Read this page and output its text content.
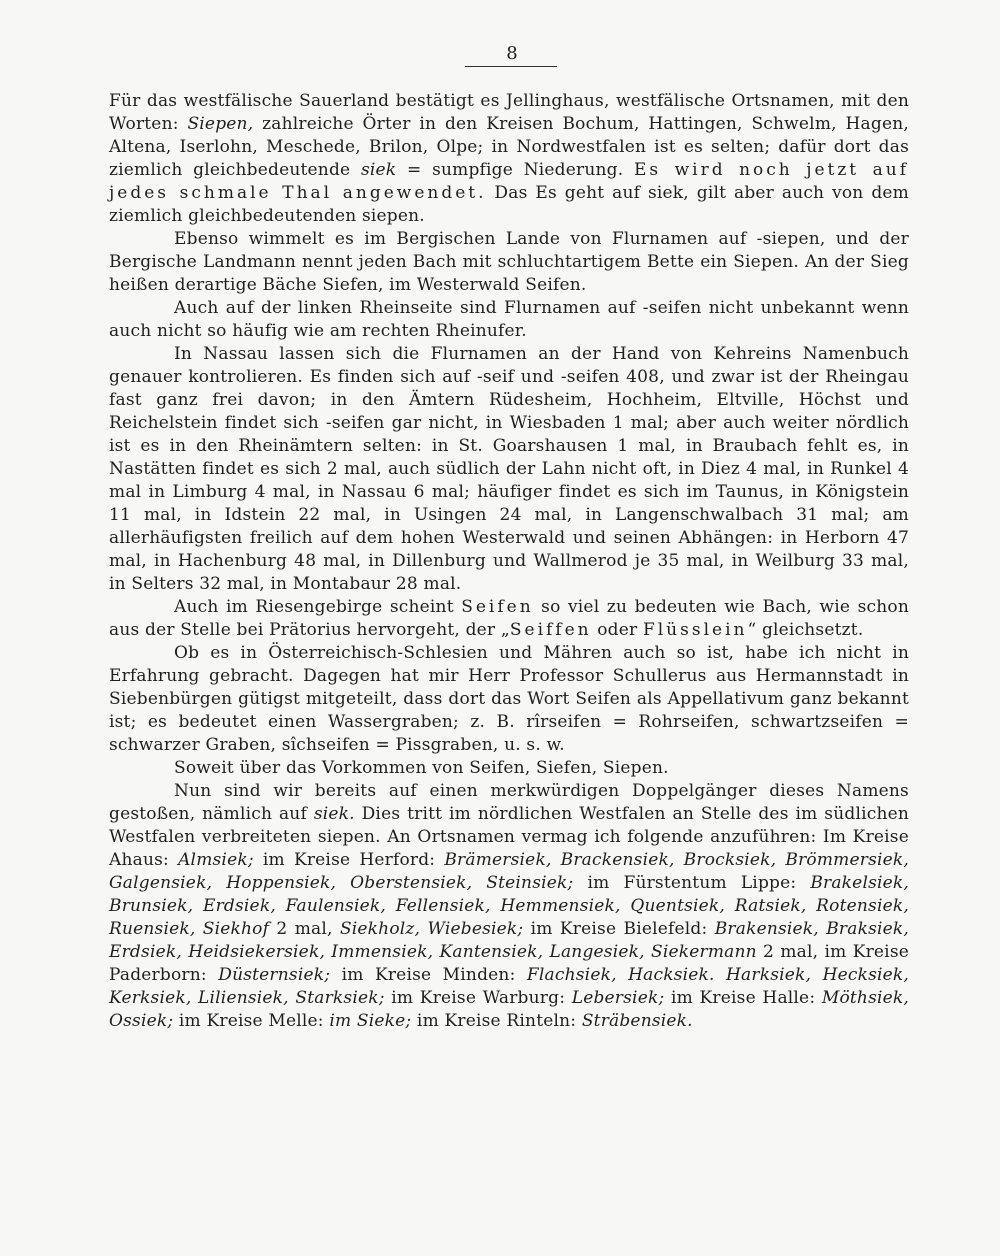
8

Für das westfälische Sauerland bestätigt es Jellinghaus, westfälische Ortsnamen, mit den Worten: Siepen, zahlreiche Örter in den Kreisen Bochum, Hattingen, Schwelm, Hagen, Altena, Iserlohn, Meschede, Brilon, Olpe; in Nordwestfalen ist es selten; dafür dort das ziemlich gleichbedeutende siek = sumpfige Niederung. Es wird noch jetzt auf jedes schmale Thal angewendet. Das Es geht auf siek, gilt aber auch von dem ziemlich gleichbedeutenden siepen.

Ebenso wimmelt es im Bergischen Lande von Flurnamen auf -siepen, und der Bergische Landmann nennt jeden Bach mit schluchtartigem Bette ein Siepen. An der Sieg heißen derartige Bäche Siefen, im Westerwald Seifen.

Auch auf der linken Rheinseite sind Flurnamen auf -seifen nicht unbekannt wenn auch nicht so häufig wie am rechten Rheinufer.

In Nassau lassen sich die Flurnamen an der Hand von Kehreins Namenbuch genauer kontrolieren. Es finden sich auf -seif und -seifen 408, und zwar ist der Rheingau fast ganz frei davon; in den Ämtern Rüdesheim, Hochheim, Eltville, Höchst und Reichelstein findet sich -seifen gar nicht, in Wiesbaden 1 mal; aber auch weiter nördlich ist es in den Rheinämtern selten: in St. Goarshausen 1 mal, in Braubach fehlt es, in Nastätten findet es sich 2 mal, auch südlich der Lahn nicht oft, in Diez 4 mal, in Runkel 4 mal in Limburg 4 mal, in Nassau 6 mal; häufiger findet es sich im Taunus, in Königstein 11 mal, in Idstein 22 mal, in Usingen 24 mal, in Langenschwalbach 31 mal; am allerhäufigsten freilich auf dem hohen Westerwald und seinen Abhängen: in Herborn 47 mal, in Hachenburg 48 mal, in Dillenburg und Wallmerod je 35 mal, in Weilburg 33 mal, in Selters 32 mal, in Montabaur 28 mal.

Auch im Riesengebirge scheint Seifen so viel zu bedeuten wie Bach, wie schon aus der Stelle bei Prätorius hervorgeht, der „Seiffen oder Flüsslein“ gleichsetzt.

Ob es in Österreichisch-Schlesien und Mähren auch so ist, habe ich nicht in Erfahrung gebracht. Dagegen hat mir Herr Professor Schullerus aus Hermannstadt in Siebenbürgen gütigst mitgeteilt, dass dort das Wort Seifen als Appellativum ganz bekannt ist; es bedeutet einen Wassergraben; z. B. rîrseifen = Rohrseifen, schwartzseifen = schwarzer Graben, sîchseifen = Pissgraben, u. s. w.

Soweit über das Vorkommen von Seifen, Siefen, Siepen.

Nun sind wir bereits auf einen merkwürdigen Doppelgänger dieses Namens gestoßen, nämlich auf siek. Dies tritt im nördlichen Westfalen an Stelle des im südlichen Westfalen verbreiteten siepen. An Ortsnamen vermag ich folgende anzuführen: Im Kreise Ahaus: Almsiek; im Kreise Herford: Brämersiek, Brackensiek, Brocksiek, Brömmersiek, Galgensiek, Hoppensiek, Oberstensiek, Steinsiek; im Fürstentum Lippe: Brakelsiek, Brunsiek, Erdsiek, Faulensiek, Fellensiek, Hemmensiek, Quentsiek, Ratsiek, Rotensiek, Ruensiek, Siekhof 2 mal, Siekholz, Wiebesiek; im Kreise Bielefeld: Brakensiek, Braksiek, Erdsiek, Heidsiekersiek, Immensiek, Kantensiek, Langesiek, Siekermann 2 mal, im Kreise Paderborn: Düsternsiek; im Kreise Minden: Flachsiek, Hacksiek. Harksiek, Hecksiek, Kerksiek, Liliensiek, Starksiek; im Kreise Warburg: Lebersiek; im Kreise Halle: Möthsiek, Ossiek; im Kreise Melle: im Sieke; im Kreise Rinteln: Sträbensiek.
